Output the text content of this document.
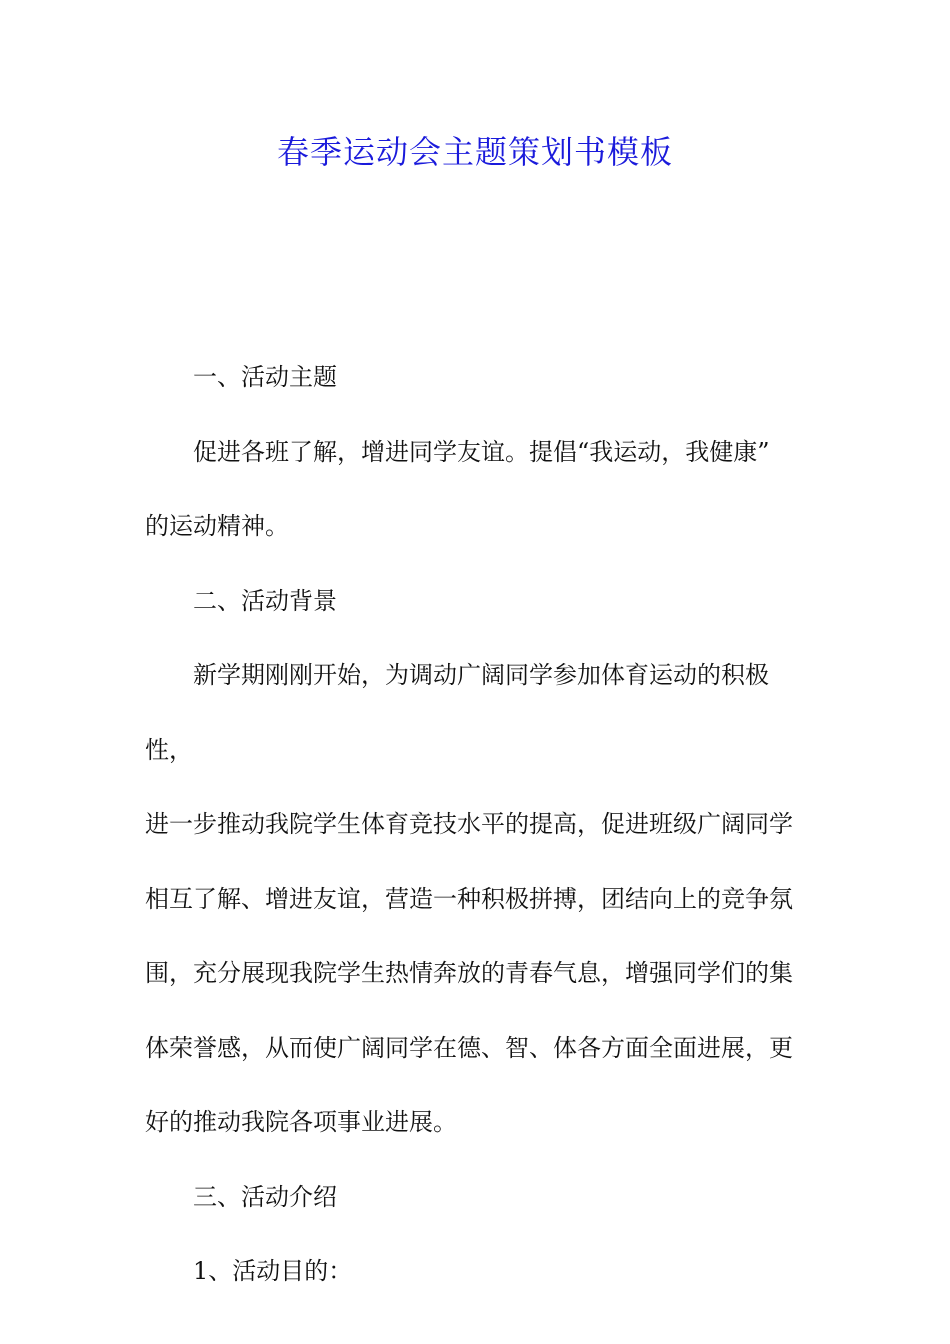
春季运动会主题策划书模板
一、活动主题
促进各班了解，增进同学友谊。提倡“我运动，我健康”
的运动精神。
二、活动背景
新学期刚刚开始，为调动广阔同学参加体育运动的积极性，
进一步推动我院学生体育竞技水平的提高，促进班级广阔同学
相互了解、增进友谊，营造一种积极拼搏，团结向上的竞争氛
围，充分展现我院学生热情奔放的青春气息，增强同学们的集
体荣誉感，从而使广阔同学在德、智、体各方面全面进展，更
好的推动我院各项事业进展。
三、活动介绍
1、活动目的：
